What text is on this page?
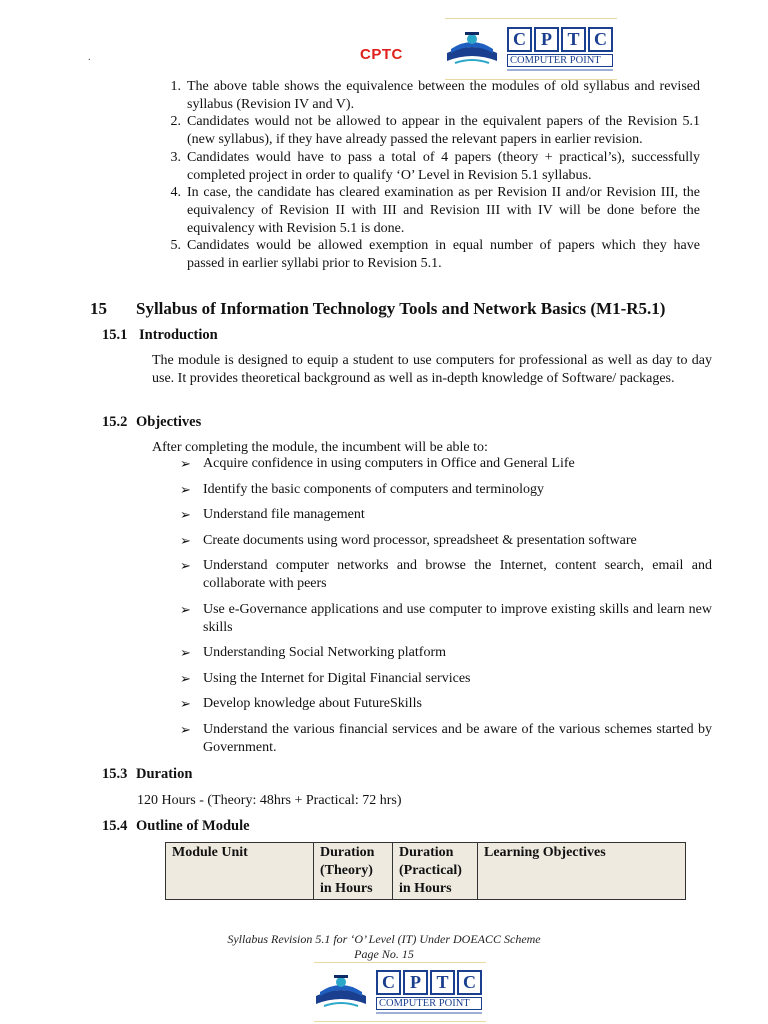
.	CPTC
C P T C
COMPUTER POINT
1. The above table shows the equivalence between the modules of old syllabus and revised syllabus (Revision IV and V).
2. Candidates would not be allowed to appear in the equivalent papers of the Revision 5.1 (new syllabus), if they have already passed the relevant papers in earlier revision.
3. Candidates would have to pass a total of 4 papers (theory + practical’s), successfully completed project in order to qualify ‘O’ Level in Revision 5.1 syllabus.
4. In case, the candidate has cleared examination as per Revision II and/or Revision III, the equivalency of Revision II with III and Revision III with IV will be done before the equivalency with Revision 5.1 is done.
5. Candidates would be allowed exemption in equal number of papers which they have passed in earlier syllabi prior to Revision 5.1.
15 Syllabus of Information Technology Tools and Network Basics (M1-R5.1)
15.1 Introduction
The module is designed to equip a student to use computers for professional as well as day to day use. It provides theoretical background as well as in-depth knowledge of Software/ packages.
15.2 Objectives
After completing the module, the incumbent will be able to:
➢ Acquire confidence in using computers in Office and General Life
➢ Identify the basic components of computers and terminology
➢ Understand file management
➢ Create documents using word processor, spreadsheet & presentation software
➢ Understand computer networks and browse the Internet, content search, email and collaborate with peers
➢ Use e-Governance applications and use computer to improve existing skills and learn new skills
➢ Understanding Social Networking platform
➢ Using the Internet for Digital Financial services
➢ Develop knowledge about FutureSkills
➢ Understand the various financial services and be aware of the various schemes started by Government.
15.3 Duration
120 Hours - (Theory: 48hrs + Practical: 72 hrs)
15.4 Outline of Module
Module Unit	Duration
(Theory)
in Hours	Duration
(Practical)
in Hours	Learning Objectives
Syllabus Revision 5.1 for ‘O’ Level (IT) Under DOEACC Scheme
Page No. 15
C P T C
COMPUTER POINT
